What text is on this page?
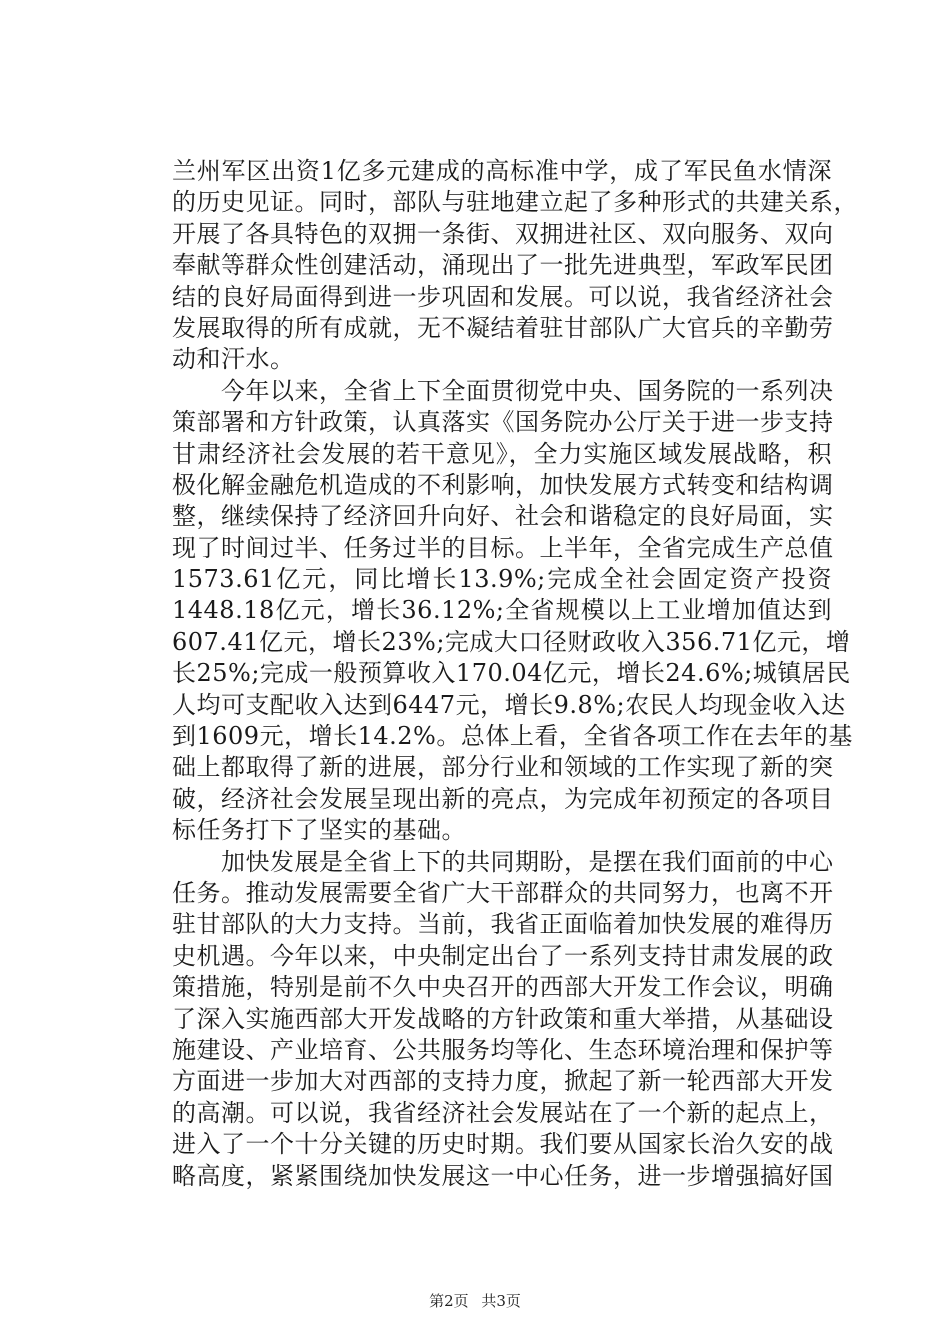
兰州军区出资1亿多元建成的高标准中学，成了军民鱼水情深
的历史见证。同时，部队与驻地建立起了多种形式的共建关系，
开展了各具特色的双拥一条街、双拥进社区、双向服务、双向
奉献等群众性创建活动，涌现出了一批先进典型，军政军民团
结的良好局面得到进一步巩固和发展。可以说，我省经济社会
发展取得的所有成就，无不凝结着驻甘部队广大官兵的辛勤劳
动和汗水。
　　今年以来，全省上下全面贯彻党中央、国务院的一系列决
策部署和方针政策，认真落实《国务院办公厅关于进一步支持
甘肃经济社会发展的若干意见》，全力实施区域发展战略，积
极化解金融危机造成的不利影响，加快发展方式转变和结构调
整，继续保持了经济回升向好、社会和谐稳定的良好局面，实
现了时间过半、任务过半的目标。上半年，全省完成生产总值
1573.61亿元，同比增长13.9%;完成全社会固定资产投资
1448.18亿元，增长36.12%;全省规模以上工业增加值达到
607.41亿元，增长23%;完成大口径财政收入356.71亿元，增
长25%;完成一般预算收入170.04亿元，增长24.6%;城镇居民
人均可支配收入达到6447元，增长9.8%;农民人均现金收入达
到1609元，增长14.2%。总体上看，全省各项工作在去年的基
础上都取得了新的进展，部分行业和领域的工作实现了新的突
破，经济社会发展呈现出新的亮点，为完成年初预定的各项目
标任务打下了坚实的基础。
　　加快发展是全省上下的共同期盼，是摆在我们面前的中心
任务。推动发展需要全省广大干部群众的共同努力，也离不开
驻甘部队的大力支持。当前，我省正面临着加快发展的难得历
史机遇。今年以来，中央制定出台了一系列支持甘肃发展的政
策措施，特别是前不久中央召开的西部大开发工作会议，明确
了深入实施西部大开发战略的方针政策和重大举措，从基础设
施建设、产业培育、公共服务均等化、生态环境治理和保护等
方面进一步加大对西部的支持力度，掀起了新一轮西部大开发
的高潮。可以说，我省经济社会发展站在了一个新的起点上，
进入了一个十分关键的历史时期。我们要从国家长治久安的战
略高度，紧紧围绕加快发展这一中心任务，进一步增强搞好国
第2页 共3页
